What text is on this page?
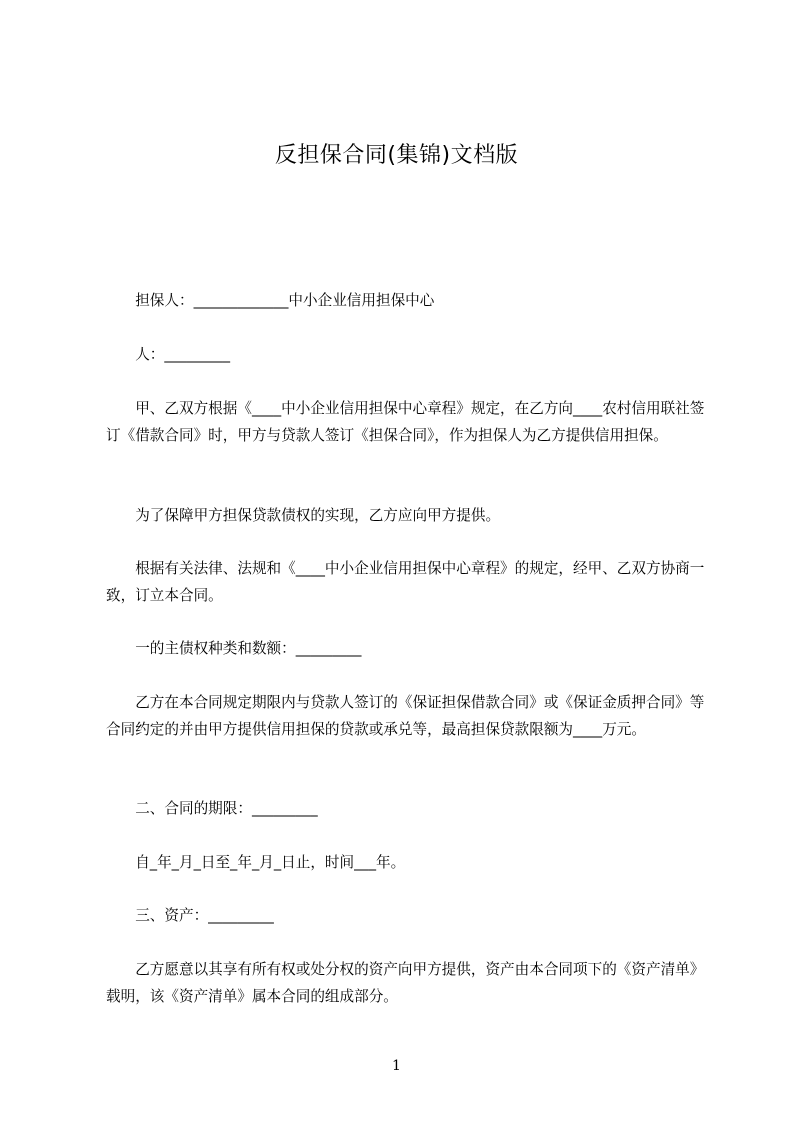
反担保合同(集锦)文档版

　　担保人：_____________中小企业信用担保中心

　　人：_________

　　甲、乙双方根据《____中小企业信用担保中心章程》规定，在乙方向____农村信用联社签订《借款合同》时，甲方与贷款人签订《担保合同》，作为担保人为乙方提供信用担保。

　　为了保障甲方担保贷款债权的实现，乙方应向甲方提供。

　　根据有关法律、法规和《____中小企业信用担保中心章程》的规定，经甲、乙双方协商一致，订立本合同。

　　一的主债权种类和数额：_________

　　乙方在本合同规定期限内与贷款人签订的《保证担保借款合同》或《保证金质押合同》等合同约定的并由甲方提供信用担保的贷款或承兑等，最高担保贷款限额为____万元。

　　二、合同的期限：_________

　　自_年_月_日至_年_月_日止，时间___年。

　　三、资产：_________

　　乙方愿意以其享有所有权或处分权的资产向甲方提供，资产由本合同项下的《资产清单》载明，该《资产清单》属本合同的组成部分。

1
